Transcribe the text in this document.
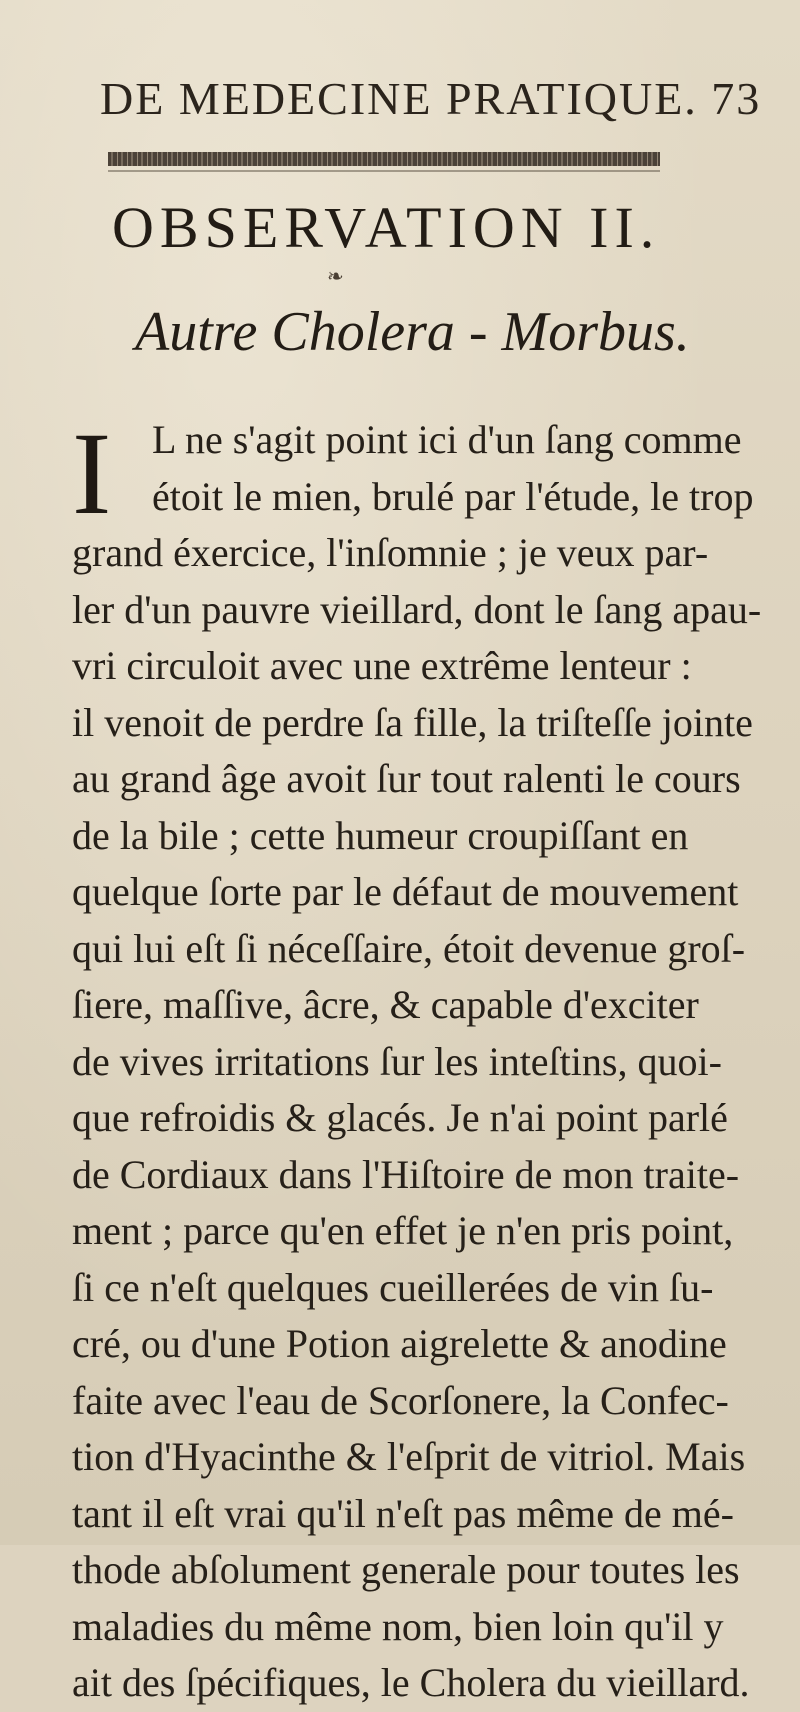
DE MEDECINE PRATIQUE. 73
OBSERVATION II.
❧
Autre Cholera - Morbus.
I	L ne s'agit point ici d'un ſang comme
étoit le mien, brulé par l'étude, le trop
grand éxercice, l'inſomnie ; je veux par-
ler d'un pauvre vieillard, dont le ſang apau-
vri circuloit avec une extrême lenteur :
il venoit de perdre ſa fille, la triſteſſe jointe
au grand âge avoit ſur tout ralenti le cours
de la bile ; cette humeur croupiſſant en
quelque ſorte par le défaut de mouvement
qui lui eſt ſi néceſſaire, étoit devenue groſ-
ſiere, maſſive, âcre, & capable d'exciter
de vives irritations ſur les inteſtins, quoi-
que refroidis & glacés. Je n'ai point parlé
de Cordiaux dans l'Hiſtoire de mon traite-
ment ; parce qu'en effet je n'en pris point,
ſi ce n'eſt quelques cueillerées de vin ſu-
cré, ou d'une Potion aigrelette & anodine
faite avec l'eau de Scorſonere, la Confec-
tion d'Hyacinthe & l'eſprit de vitriol. Mais
tant il eſt vrai qu'il n'eſt pas même de mé-
thode abſolument generale pour toutes les
maladies du même nom, bien loin qu'il y
ait des ſpécifiques, le Cholera du vieillard.
